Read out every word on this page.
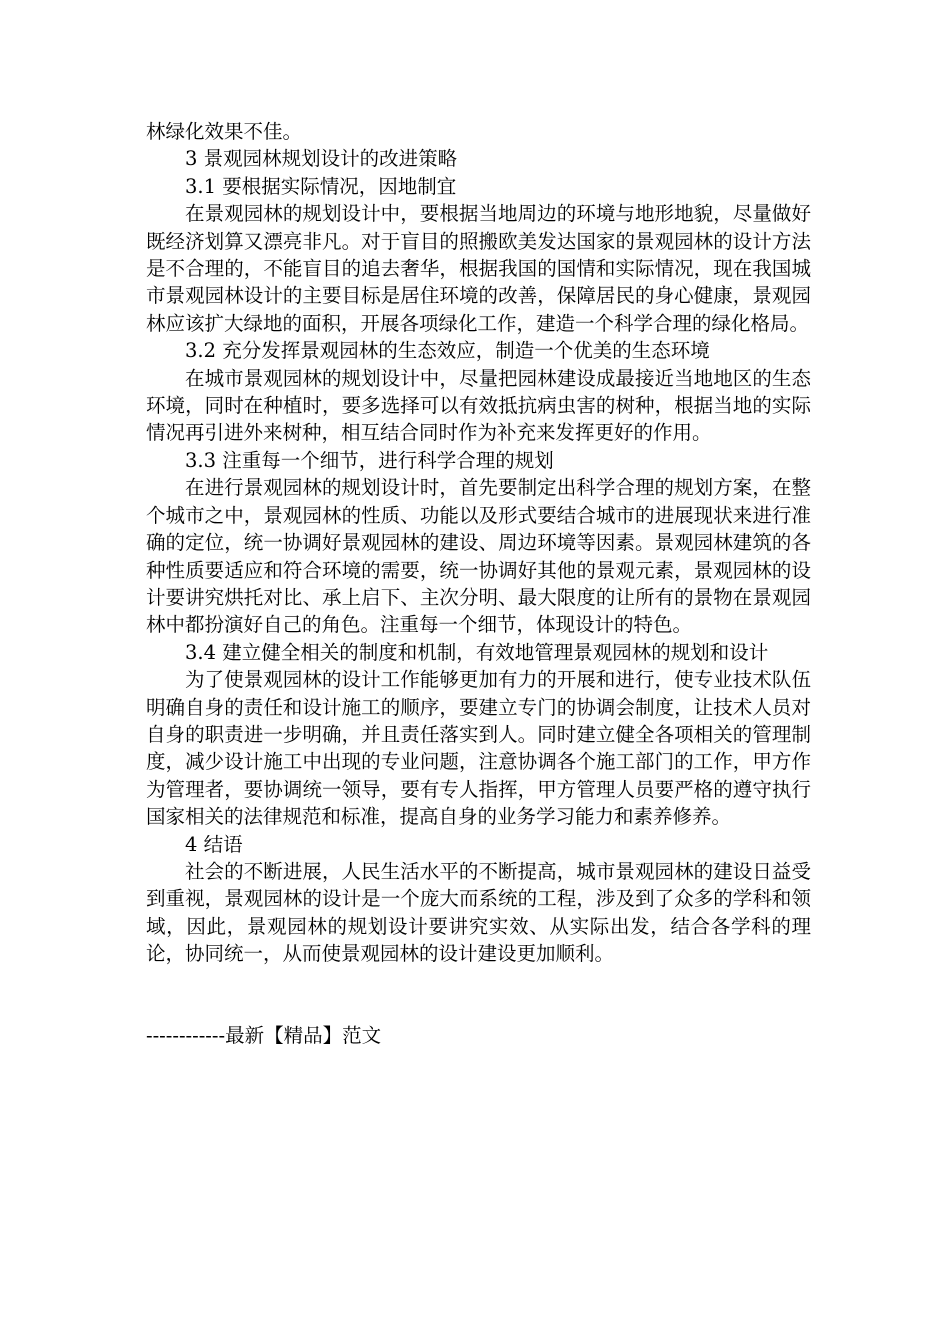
林绿化效果不佳。

3 景观园林规划设计的改进策略

3.1 要根据实际情况，因地制宜

在景观园林的规划设计中，要根据当地周边的环境与地形地貌，尽量做好既经济划算又漂亮非凡。对于盲目的照搬欧美发达国家的景观园林的设计方法是不合理的，不能盲目的追去奢华，根据我国的国情和实际情况，现在我国城市景观园林设计的主要目标是居住环境的改善，保障居民的身心健康，景观园林应该扩大绿地的面积，开展各项绿化工作，建造一个科学合理的绿化格局。

3.2 充分发挥景观园林的生态效应，制造一个优美的生态环境

在城市景观园林的规划设计中，尽量把园林建设成最接近当地地区的生态环境，同时在种植时，要多选择可以有效抵抗病虫害的树种，根据当地的实际情况再引进外来树种，相互结合同时作为补充来发挥更好的作用。

3.3 注重每一个细节，进行科学合理的规划

在进行景观园林的规划设计时，首先要制定出科学合理的规划方案，在整个城市之中，景观园林的性质、功能以及形式要结合城市的进展现状来进行准确的定位，统一协调好景观园林的建设、周边环境等因素。景观园林建筑的各种性质要适应和符合环境的需要，统一协调好其他的景观元素，景观园林的设计要讲究烘托对比、承上启下、主次分明、最大限度的让所有的景物在景观园林中都扮演好自己的角色。注重每一个细节，体现设计的特色。

3.4 建立健全相关的制度和机制，有效地管理景观园林的规划和设计

为了使景观园林的设计工作能够更加有力的开展和进行，使专业技术队伍明确自身的责任和设计施工的顺序，要建立专门的协调会制度，让技术人员对自身的职责进一步明确，并且责任落实到人。同时建立健全各项相关的管理制度，减少设计施工中出现的专业问题，注意协调各个施工部门的工作，甲方作为管理者，要协调统一领导，要有专人指挥，甲方管理人员要严格的遵守执行国家相关的法律规范和标准，提高自身的业务学习能力和素养修养。

4 结语

社会的不断进展，人民生活水平的不断提高，城市景观园林的建设日益受到重视，景观园林的设计是一个庞大而系统的工程，涉及到了众多的学科和领域，因此，景观园林的规划设计要讲究实效、从实际出发，结合各学科的理论，协同统一，从而使景观园林的设计建设更加顺利。

------------最新【精品】范文
